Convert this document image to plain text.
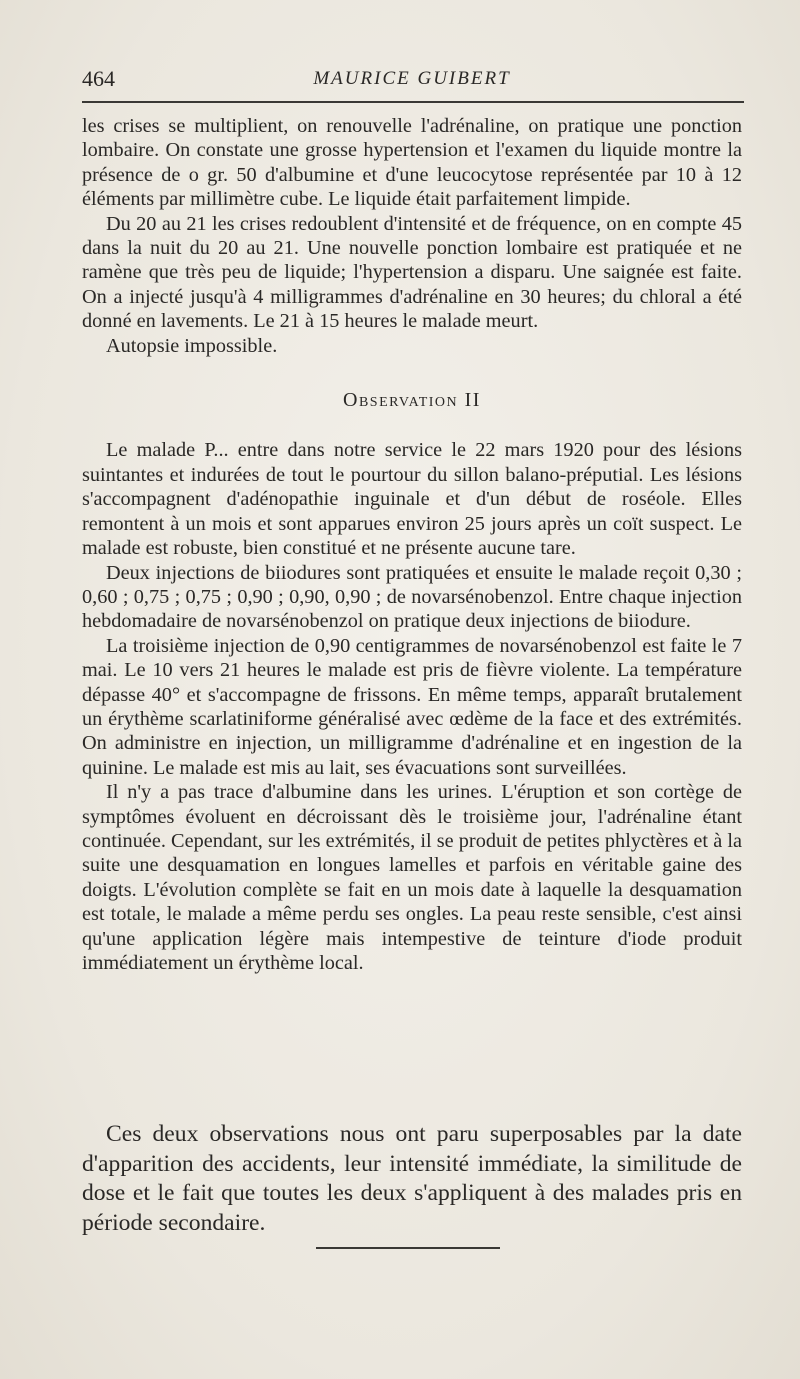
464	MAURICE GUIBERT

les crises se multiplient, on renouvelle l'adrénaline, on pratique une ponction lombaire. On constate une grosse hypertension et l'examen du liquide montre la présence de o gr. 50 d'albumine et d'une leucocytose représentée par 10 à 12 éléments par millimètre cube. Le liquide était parfaitement limpide.

Du 20 au 21 les crises redoublent d'intensité et de fréquence, on en compte 45 dans la nuit du 20 au 21. Une nouvelle ponction lombaire est pratiquée et ne ramène que très peu de liquide; l'hypertension a disparu. Une saignée est faite. On a injecté jusqu'à 4 milligrammes d'adrénaline en 30 heures; du chloral a été donné en lavements. Le 21 à 15 heures le malade meurt.

Autopsie impossible.

Observation II

Le malade P... entre dans notre service le 22 mars 1920 pour des lésions suintantes et indurées de tout le pourtour du sillon balano-préputial. Les lésions s'accompagnent d'adénopathie inguinale et d'un début de roséole. Elles remontent à un mois et sont apparues environ 25 jours après un coït suspect. Le malade est robuste, bien constitué et ne présente aucune tare.

Deux injections de biiodures sont pratiquées et ensuite le malade reçoit 0,30 ; 0,60 ; 0,75 ; 0,75 ; 0,90 ; 0,90, 0,90 ; de novarsénobenzol. Entre chaque injection hebdomadaire de novarsénobenzol on pratique deux injections de biiodure.

La troisième injection de 0,90 centigrammes de novarsénobenzol est faite le 7 mai. Le 10 vers 21 heures le malade est pris de fièvre violente. La température dépasse 40° et s'accompagne de frissons. En même temps, apparaît brutalement un érythème scarlatiniforme généralisé avec œdème de la face et des extrémités. On administre en injection, un milligramme d'adrénaline et en ingestion de la quinine. Le malade est mis au lait, ses évacuations sont surveillées.

Il n'y a pas trace d'albumine dans les urines. L'éruption et son cortège de symptômes évoluent en décroissant dès le troisième jour, l'adrénaline étant continuée. Cependant, sur les extrémités, il se produit de petites phlyctères et à la suite une desquamation en longues lamelles et parfois en véritable gaine des doigts. L'évolution complète se fait en un mois date à laquelle la desquamation est totale, le malade a même perdu ses ongles. La peau reste sensible, c'est ainsi qu'une application légère mais intempestive de teinture d'iode produit immédiatement un érythème local.

Ces deux observations nous ont paru superposables par la date d'apparition des accidents, leur intensité immédiate, la similitude de dose et le fait que toutes les deux s'appliquent à des malades pris en période secondaire.
